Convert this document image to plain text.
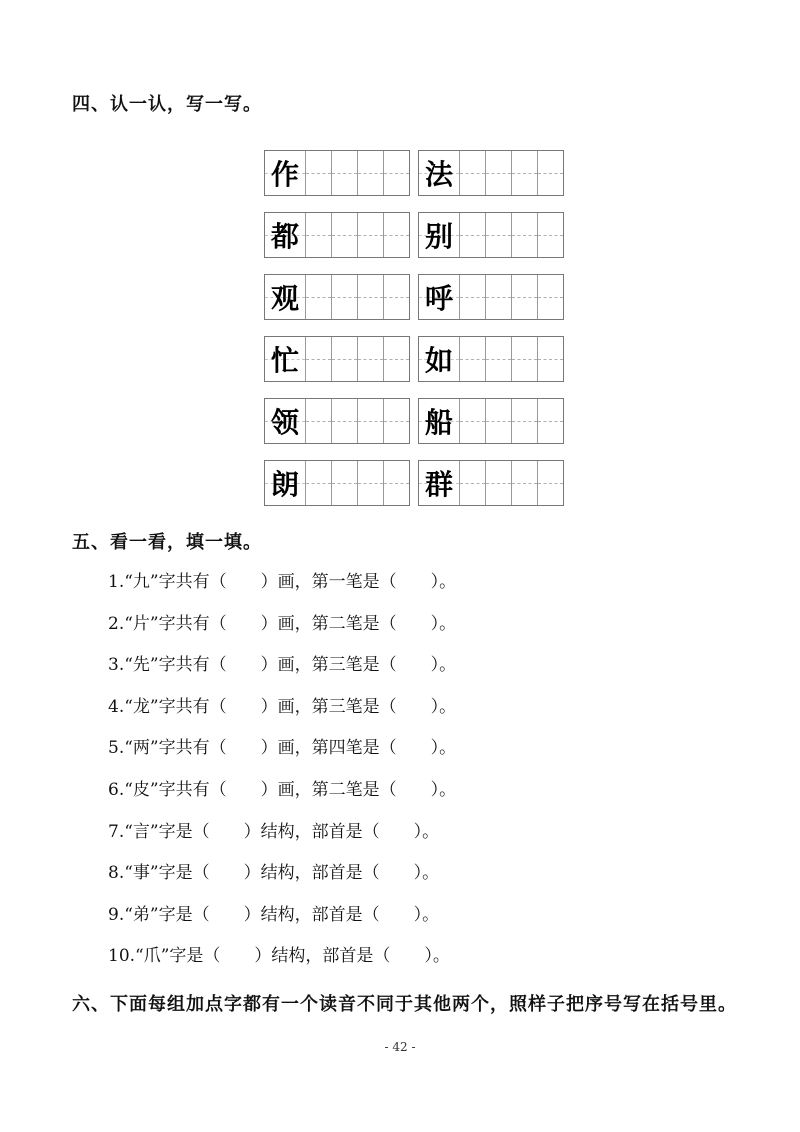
四、认一认，写一写。
作	法
都	别
观	呼
忙	如
领	船
朗	群
五、看一看，填一填。
1.“九”字共有（　　）画，第一笔是（　　）。
2.“片”字共有（　　）画，第二笔是（　　）。
3.“先”字共有（　　）画，第三笔是（　　）。
4.“龙”字共有（　　）画，第三笔是（　　）。
5.“两”字共有（　　）画，第四笔是（　　）。
6.“皮”字共有（　　）画，第二笔是（　　）。
7.“言”字是（　　）结构，部首是（　　）。
8.“事”字是（　　）结构，部首是（　　）。
9.“弟”字是（　　）结构，部首是（　　）。
10.“爪”字是（　　）结构，部首是（　　）。
六、下面每组加点字都有一个读音不同于其他两个，照样子把序号写在括号里。
- 42 -
